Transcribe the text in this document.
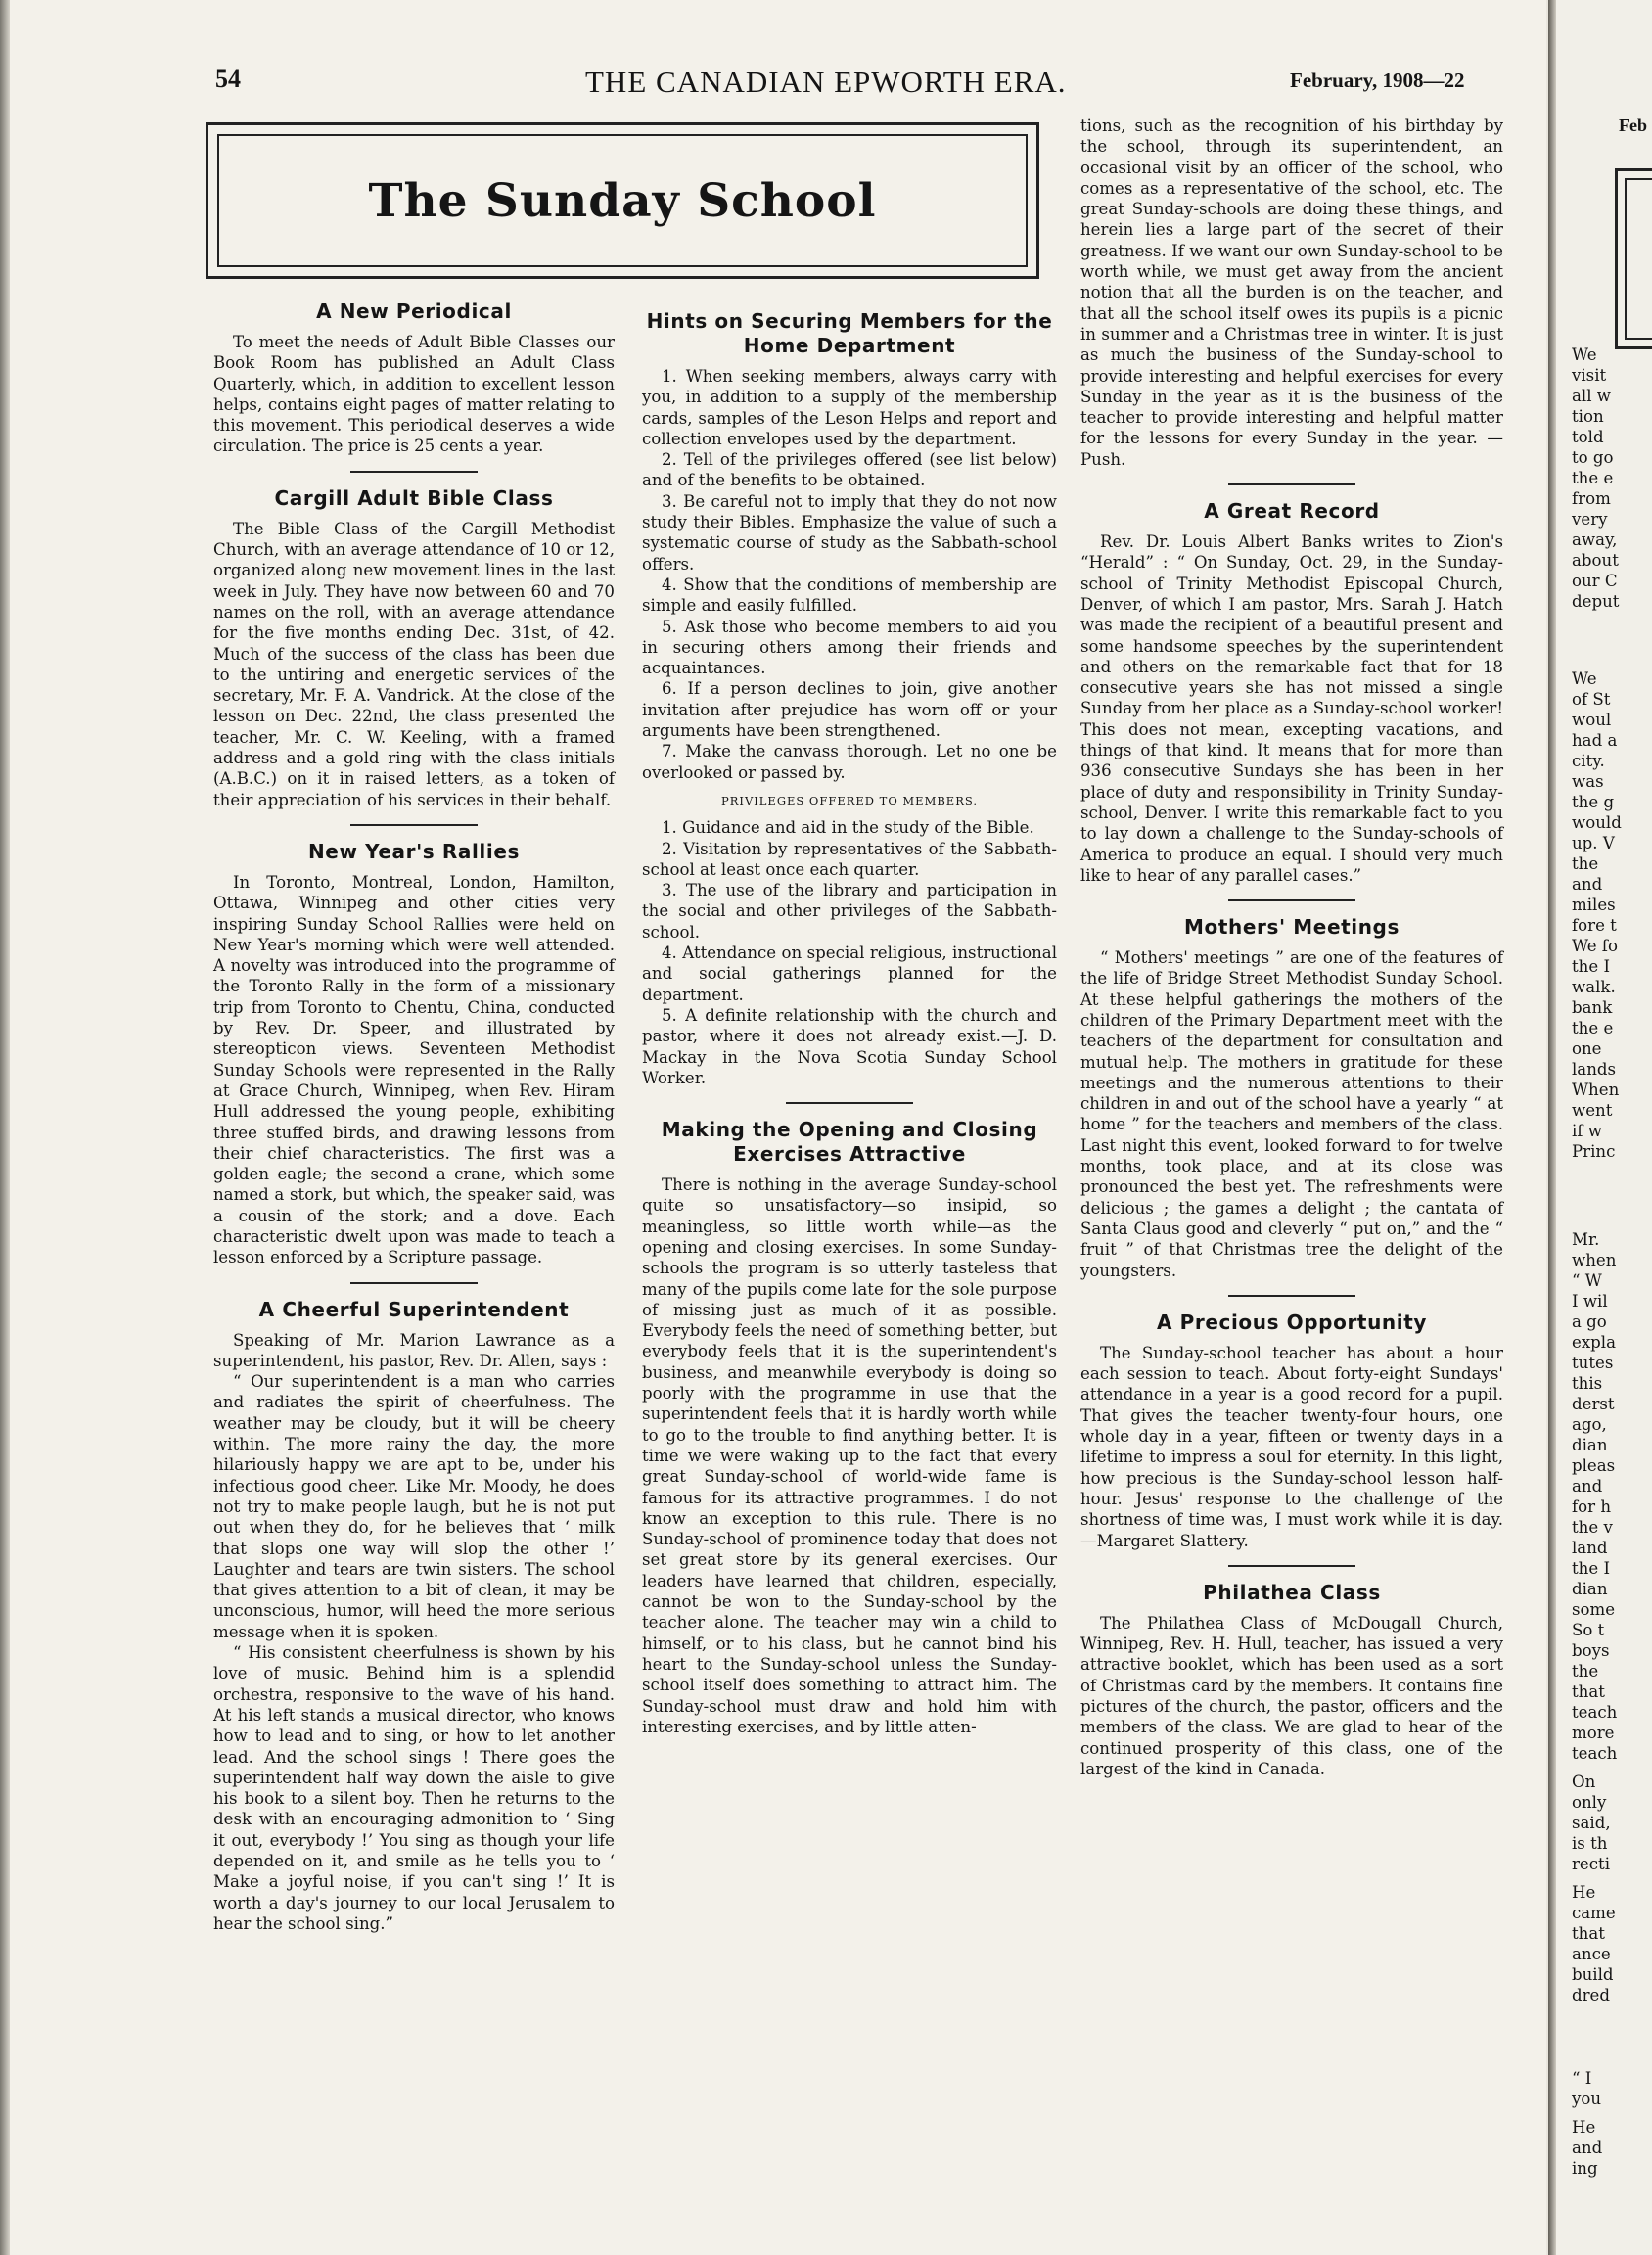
54	THE CANADIAN EPWORTH ERA.	February, 1908—22
The Sunday School
A New Periodical

To meet the needs of Adult Bible Classes our Book Room has published an Adult Class Quarterly, which, in addition to excellent lesson helps, contains eight pages of matter relating to this movement. This periodical deserves a wide circulation. The price is 25 cents a year.

Cargill Adult Bible Class

The Bible Class of the Cargill Methodist Church, with an average attendance of 10 or 12, organized along new movement lines in the last week in July. They have now between 60 and 70 names on the roll, with an average attendance for the five months ending Dec. 31st, of 42. Much of the success of the class has been due to the untiring and energetic services of the secretary, Mr. F. A. Vandrick. At the close of the lesson on Dec. 22nd, the class presented the teacher, Mr. C. W. Keeling, with a framed address and a gold ring with the class initials (A.B.C.) on it in raised letters, as a token of their appreciation of his services in their behalf.

New Year's Rallies

In Toronto, Montreal, London, Hamilton, Ottawa, Winnipeg and other cities very inspiring Sunday School Rallies were held on New Year's morning which were well attended. A novelty was introduced into the programme of the Toronto Rally in the form of a missionary trip from Toronto to Chentu, China, conducted by Rev. Dr. Speer, and illustrated by stereopticon views. Seventeen Methodist Sunday Schools were represented in the Rally at Grace Church, Winnipeg, when Rev. Hiram Hull addressed the young people, exhibiting three stuffed birds, and drawing lessons from their chief characteristics. The first was a golden eagle; the second a crane, which some named a stork, but which, the speaker said, was a cousin of the stork; and a dove. Each characteristic dwelt upon was made to teach a lesson enforced by a Scripture passage.

A Cheerful Superintendent

Speaking of Mr. Marion Lawrance as a superintendent, his pastor, Rev. Dr. Allen, says :

“ Our superintendent is a man who carries and radiates the spirit of cheerfulness. The weather may be cloudy, but it will be cheery within. The more rainy the day, the more hilariously happy we are apt to be, under his infectious good cheer. Like Mr. Moody, he does not try to make people laugh, but he is not put out when they do, for he believes that ‘ milk that slops one way will slop the other !’ Laughter and tears are twin sisters. The school that gives attention to a bit of clean, it may be unconscious, humor, will heed the more serious message when it is spoken.

“ His consistent cheerfulness is shown by his love of music. Behind him is a splendid orchestra, responsive to the wave of his hand. At his left stands a musical director, who knows how to lead and to sing, or how to let another lead. And the school sings ! There goes the superintendent half way down the aisle to give his book to a silent boy. Then he returns to the desk with an encouraging admonition to ‘ Sing it out, everybody !’ You sing as though your life depended on it, and smile as he tells you to ‘ Make a joyful noise, if you can't sing !’ It is worth a day's journey to our local Jerusalem to hear the school sing.”

Hints on Securing Members for the Home Department

1. When seeking members, always carry with you, in addition to a supply of the membership cards, samples of the Leson Helps and report and collection envelopes used by the department.

2. Tell of the privileges offered (see list below) and of the benefits to be obtained.

3. Be careful not to imply that they do not now study their Bibles. Emphasize the value of such a systematic course of study as the Sabbath-school offers.

4. Show that the conditions of membership are simple and easily fulfilled.

5. Ask those who become members to aid you in securing others among their friends and acquaintances.

6. If a person declines to join, give another invitation after prejudice has worn off or your arguments have been strengthened.

7. Make the canvass thorough. Let no one be overlooked or passed by.

PRIVILEGES OFFERED TO MEMBERS.

1. Guidance and aid in the study of the Bible.

2. Visitation by representatives of the Sabbath-school at least once each quarter.

3. The use of the library and participation in the social and other privileges of the Sabbath-school.

4. Attendance on special religious, instructional and social gatherings planned for the department.

5. A definite relationship with the church and pastor, where it does not already exist.—J. D. Mackay in the Nova Scotia Sunday School Worker.

Making the Opening and Closing Exercises Attractive

There is nothing in the average Sunday-school quite so unsatisfactory—so insipid, so meaningless, so little worth while—as the opening and closing exercises. In some Sunday-schools the program is so utterly tasteless that many of the pupils come late for the sole purpose of missing just as much of it as possible. Everybody feels the need of something better, but everybody feels that it is the superintendent's business, and meanwhile everybody is doing so poorly with the programme in use that the superintendent feels that it is hardly worth while to go to the trouble to find anything better. It is time we were waking up to the fact that every great Sunday-school of world-wide fame is famous for its attractive programmes. I do not know an exception to this rule. There is no Sunday-school of prominence today that does not set great store by its general exercises. Our leaders have learned that children, especially, cannot be won to the Sunday-school by the teacher alone. The teacher may win a child to himself, or to his class, but he cannot bind his heart to the Sunday-school unless the Sunday-school itself does something to attract him. The Sunday-school must draw and hold him with interesting exercises, and by little atten-

tions, such as the recognition of his birthday by the school, through its superintendent, an occasional visit by an officer of the school, who comes as a representative of the school, etc. The great Sunday-schools are doing these things, and herein lies a large part of the secret of their greatness. If we want our own Sunday-school to be worth while, we must get away from the ancient notion that all the burden is on the teacher, and that all the school itself owes its pupils is a picnic in summer and a Christmas tree in winter. It is just as much the business of the Sunday-school to provide interesting and helpful exercises for every Sunday in the year as it is the business of the teacher to provide interesting and helpful matter for the lessons for every Sunday in the year. —Push.

A Great Record

Rev. Dr. Louis Albert Banks writes to Zion's “Herald” : “ On Sunday, Oct. 29, in the Sunday-school of Trinity Methodist Episcopal Church, Denver, of which I am pastor, Mrs. Sarah J. Hatch was made the recipient of a beautiful present and some handsome speeches by the superintendent and others on the remarkable fact that for 18 consecutive years she has not missed a single Sunday from her place as a Sunday-school worker! This does not mean, excepting vacations, and things of that kind. It means that for more than 936 consecutive Sundays she has been in her place of duty and responsibility in Trinity Sunday-school, Denver. I write this remarkable fact to you to lay down a challenge to the Sunday-schools of America to produce an equal. I should very much like to hear of any parallel cases.”

Mothers' Meetings

“ Mothers' meetings ” are one of the features of the life of Bridge Street Methodist Sunday School. At these helpful gatherings the mothers of the children of the Primary Department meet with the teachers of the department for consultation and mutual help. The mothers in gratitude for these meetings and the numerous attentions to their children in and out of the school have a yearly “ at home ” for the teachers and members of the class. Last night this event, looked forward to for twelve months, took place, and at its close was pronounced the best yet. The refreshments were delicious ; the games a delight ; the cantata of Santa Claus good and cleverly “ put on,” and the “ fruit ” of that Christmas tree the delight of the youngsters.

A Precious Opportunity

The Sunday-school teacher has about a hour each session to teach. About forty-eight Sundays' attendance in a year is a good record for a pupil. That gives the teacher twenty-four hours, one whole day in a year, fifteen or twenty days in a lifetime to impress a soul for eternity. In this light, how precious is the Sunday-school lesson half-hour. Jesus' response to the challenge of the shortness of time was, I must work while it is day.—Margaret Slattery.

Philathea Class

The Philathea Class of McDougall Church, Winnipeg, Rev. H. Hull, teacher, has issued a very attractive booklet, which has been used as a sort of Christmas card by the members. It contains fine pictures of the church, the pastor, officers and the members of the class. We are glad to hear of the continued prosperity of this class, one of the largest of the kind in Canada.

Feb
We
visit
all w
tion
told
to go
the e
from
very
away,
about
our C
deput
We
of St
woul
had a
city.
was
the g
would
up. V
the
and
miles
fore t
We fo
the I
walk.
bank
the e
one
lands
When
went
if w
Princ
Mr.
when
“ W
I wil
a go
expla
tutes
this
derst
ago,
dian
pleas
and
for h
the v
land
the I
dian
some
So t
boys
the
that
teach
more
teach
On
only
said,
is th
recti
He
came
that
ance
build
dred
“ I
you
He
and
ing
